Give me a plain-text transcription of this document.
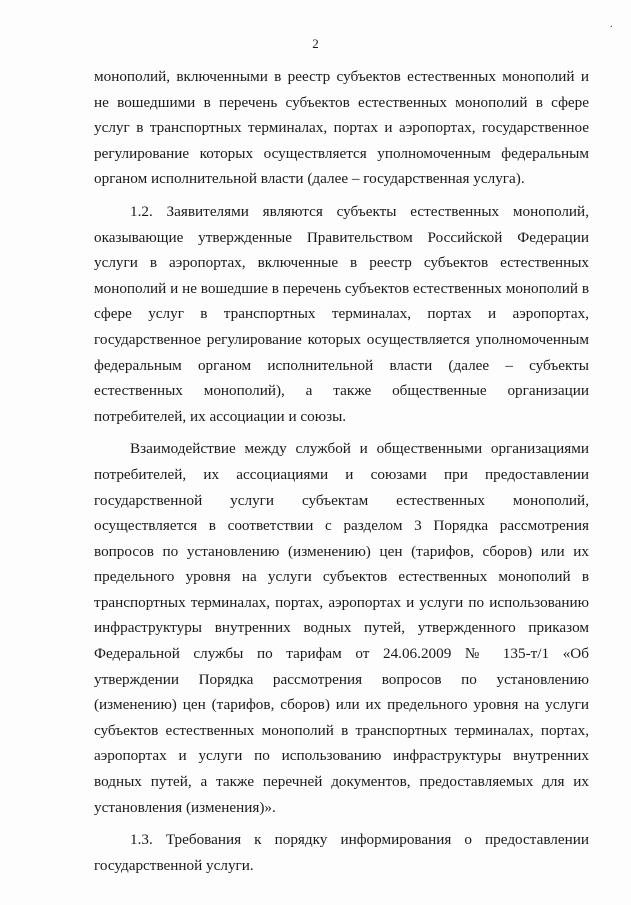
·
2

монополий, включенными в реестр субъектов естественных монополий и не вошедшими в перечень субъектов естественных монополий в сфере услуг в транспортных терминалах, портах и аэропортах, государственное регулирование которых осуществляется уполномоченным федеральным органом исполнительной власти (далее – государственная услуга).

1.2. Заявителями являются субъекты естественных монополий, оказывающие утвержденные Правительством Российской Федерации услуги в аэропортах, включенные в реестр субъектов естественных монополий и не вошедшие в перечень субъектов естественных монополий в сфере услуг в транспортных терминалах, портах и аэропортах, государственное регулирование которых осуществляется уполномоченным федеральным органом исполнительной власти (далее – субъекты естественных монополий), а также общественные организации потребителей, их ассоциации и союзы.

Взаимодействие между службой и общественными организациями потребителей, их ассоциациями и союзами при предоставлении государственной услуги субъектам естественных монополий, осуществляется в соответствии с разделом 3 Порядка рассмотрения вопросов по установлению (изменению) цен (тарифов, сборов) или их предельного уровня на услуги субъектов естественных монополий в транспортных терминалах, портах, аэропортах и услуги по использованию инфраструктуры внутренних водных путей, утвержденного приказом Федеральной службы по тарифам от 24.06.2009 № 135-т/1 «Об утверждении Порядка рассмотрения вопросов по установлению (изменению) цен (тарифов, сборов) или их предельного уровня на услуги субъектов естественных монополий в транспортных терминалах, портах, аэропортах и услуги по использованию инфраструктуры внутренних водных путей, а также перечней документов, предоставляемых для их установления (изменения)».

1.3. Требования к порядку информирования о предоставлении государственной услуги.
